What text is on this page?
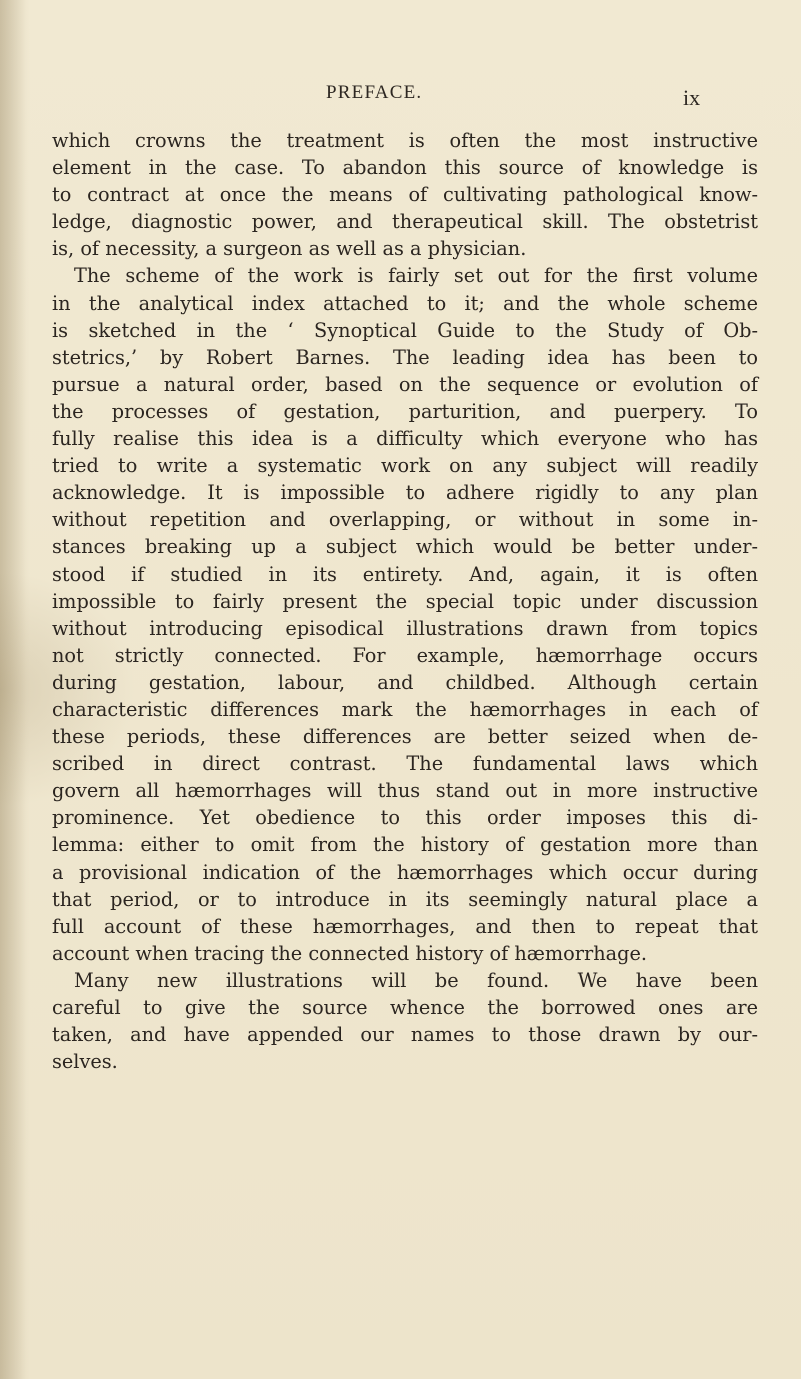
PREFACE.	ix
which crowns the treatment is often the most instructive
element in the case. To abandon this source of knowledge is
to contract at once the means of cultivating pathological know-
ledge, diagnostic power, and therapeutical skill. The obstetrist
is, of necessity, a surgeon as well as a physician.
The scheme of the work is fairly set out for the first volume
in the analytical index attached to it; and the whole scheme
is sketched in the ‘ Synoptical Guide to the Study of Ob-
stetrics,’ by Robert Barnes. The leading idea has been to
pursue a natural order, based on the sequence or evolution of
the processes of gestation, parturition, and puerpery. To
fully realise this idea is a difficulty which everyone who has
tried to write a systematic work on any subject will readily
acknowledge. It is impossible to adhere rigidly to any plan
without repetition and overlapping, or without in some in-
stances breaking up a subject which would be better under-
stood if studied in its entirety. And, again, it is often
impossible to fairly present the special topic under discussion
without introducing episodical illustrations drawn from topics
not strictly connected. For example, hæmorrhage occurs
during gestation, labour, and childbed. Although certain
characteristic differences mark the hæmorrhages in each of
these periods, these differences are better seized when de-
scribed in direct contrast. The fundamental laws which
govern all hæmorrhages will thus stand out in more instructive
prominence. Yet obedience to this order imposes this di-
lemma: either to omit from the history of gestation more than
a provisional indication of the hæmorrhages which occur during
that period, or to introduce in its seemingly natural place a
full account of these hæmorrhages, and then to repeat that
account when tracing the connected history of hæmorrhage.
Many new illustrations will be found. We have been
careful to give the source whence the borrowed ones are
taken, and have appended our names to those drawn by our-
selves.
